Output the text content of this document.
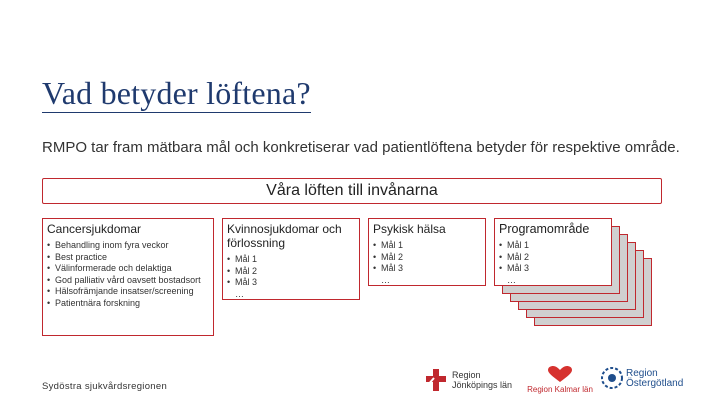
Vad betyder löftena?
RMPO tar fram mätbara mål och konkretiserar vad patientlöftena betyder för respektive område.
Våra löften till invånarna
Cancersjukdomar
• Behandling inom fyra veckor
• Best practice
• Välinformerade och delaktiga
• God palliativ vård oavsett bostadsort
• Hälsofrämjande insatser/screening
• Patientnära forskning
Kvinnosjukdomar och förlossning
• Mål 1
• Mål 2
• Mål 3
…
Psykisk hälsa
• Mål 1
• Mål 2
• Mål 3
…
Programområde
• Mål 1
• Mål 2
• Mål 3
…
Sydöstra sjukvårdsregionen
Region Jönköpings län	Region Kalmar län
Region Östergötland
